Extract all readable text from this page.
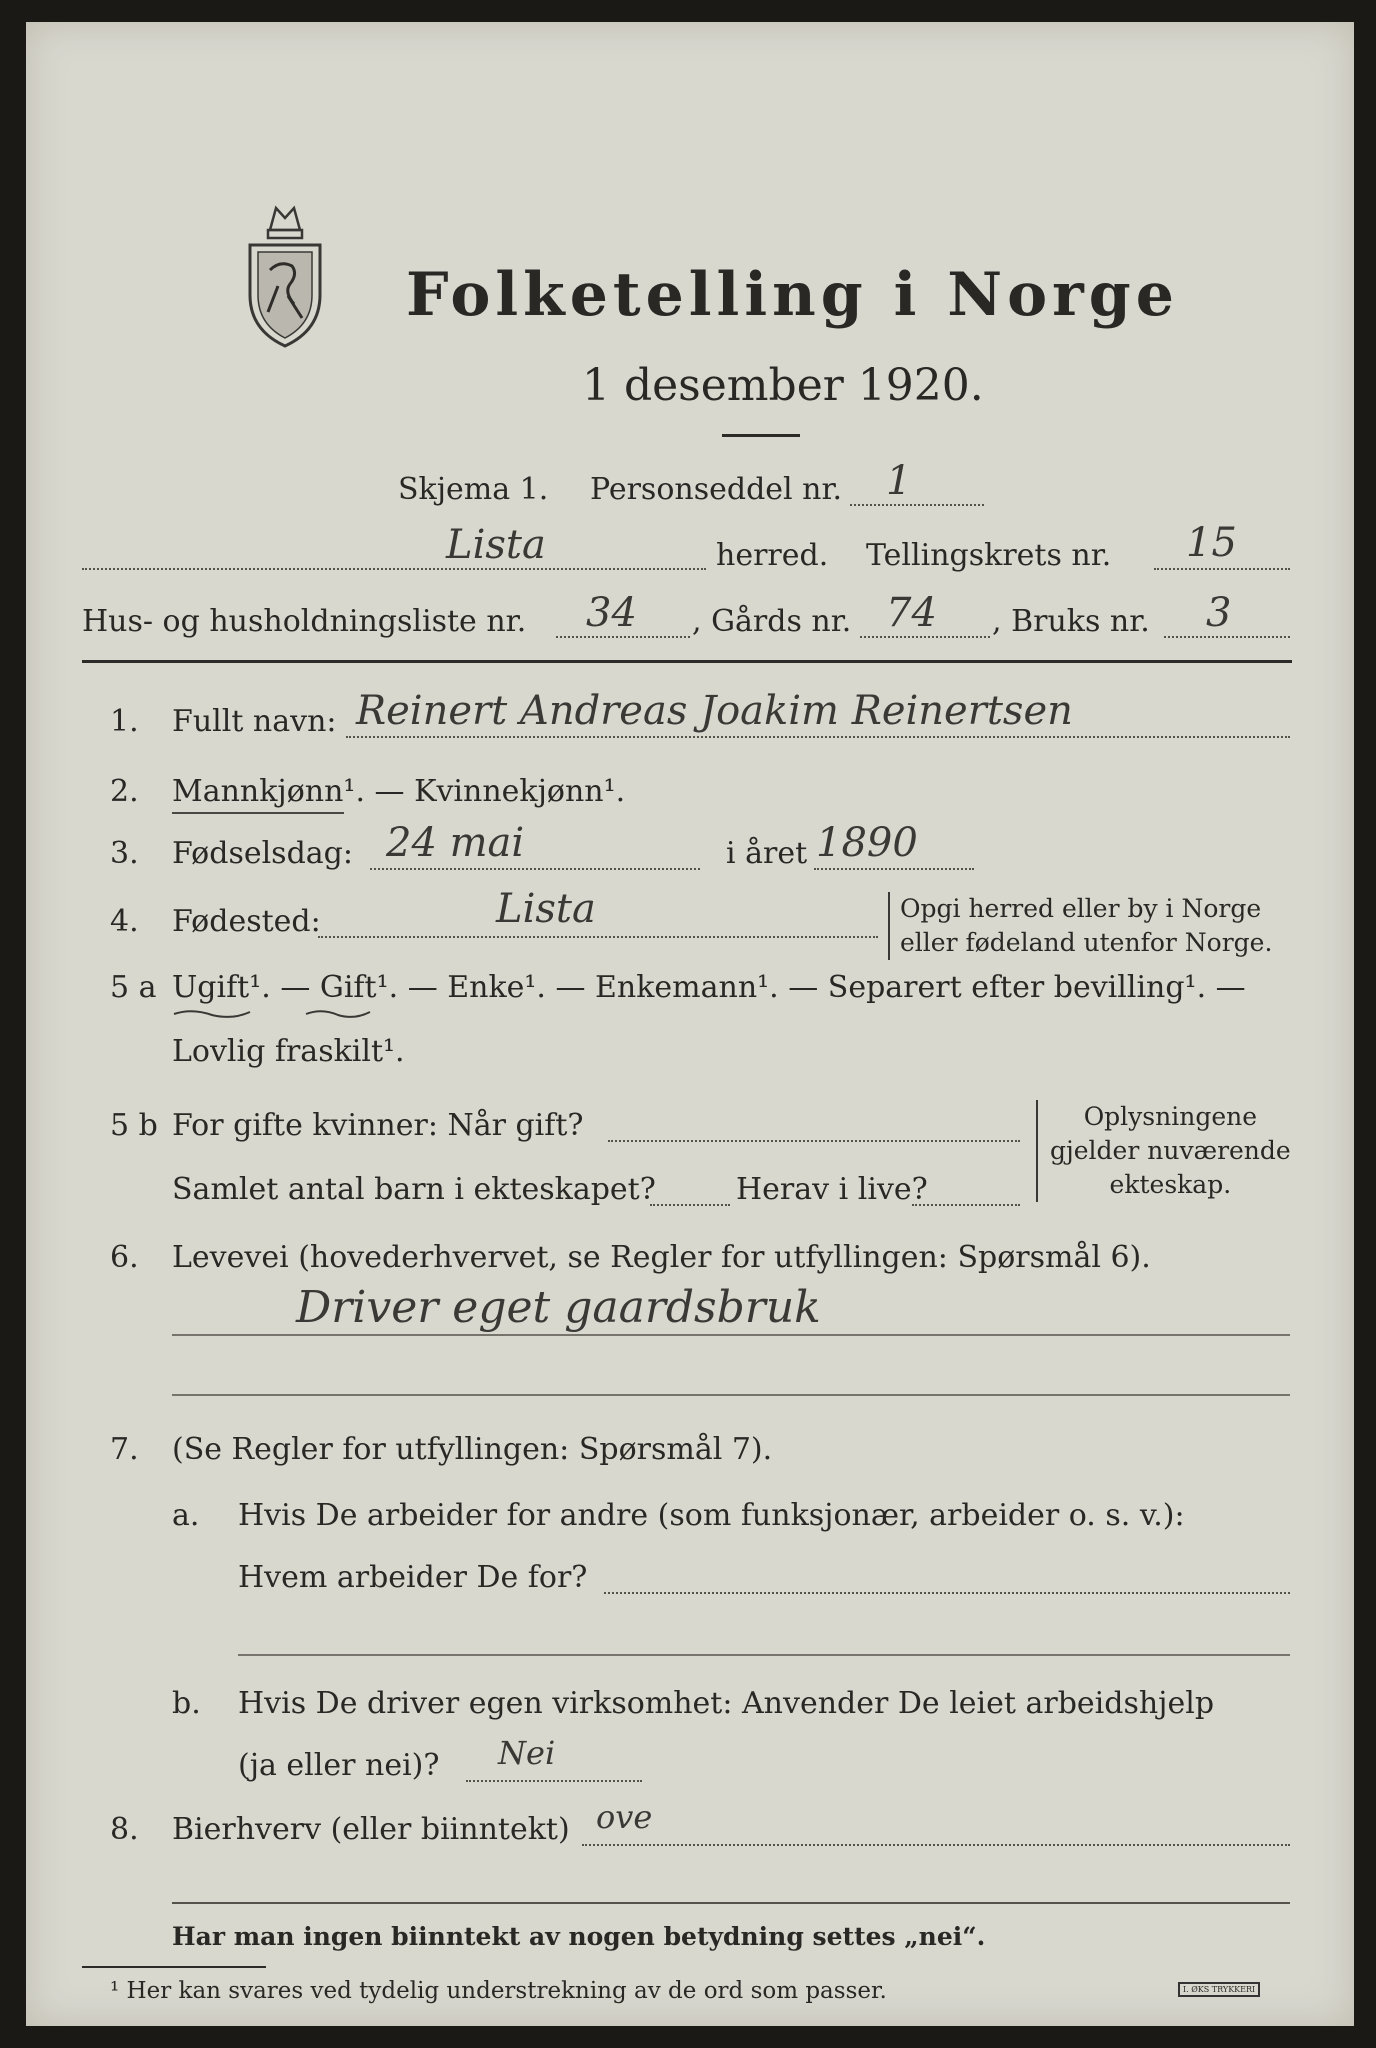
Folketelling i Norge
1 desember 1920.
Skjema 1. Personseddel nr. 1
Lista	herred. Tellingskrets nr. 15
Hus- og husholdningsliste nr. 34 , Gårds nr. 74 , Bruks nr. 3
1. Fullt navn: Reinert Andreas Joakim Reinertsen
2. Mannkjønn¹. — Kvinnekjønn¹.
3. Fødselsdag: 24 mai	i året 1890
4. Fødested:	Lista	Opgi herred eller by i Norge
eller fødeland utenfor Norge.
5 a Ugift¹. — Gift¹. — Enke¹. — Enkemann¹. — Separert efter bevilling¹. —
Lovlig fraskilt¹.
5 b For gifte kvinner: Når gift?
Samlet antal barn i ekteskapet?	Herav i live?
Oplysningene
gjelder nuværende
ekteskap.
6. Levevei (hovederhvervet, se Regler for utfyllingen: Spørsmål 6).
Driver eget gaardsbruk
7. (Se Regler for utfyllingen: Spørsmål 7).
a. Hvis De arbeider for andre (som funksjonær, arbeider o. s. v.):
Hvem arbeider De for?
b. Hvis De driver egen virksomhet: Anvender De leiet arbeidshjelp
(ja eller nei)? Nei
8. Bierhverv (eller biinntekt) ove
Har man ingen biinntekt av nogen betydning settes „nei“.
¹ Her kan svares ved tydelig understrekning av de ord som passer.	I. ØKS TRYKKERI
